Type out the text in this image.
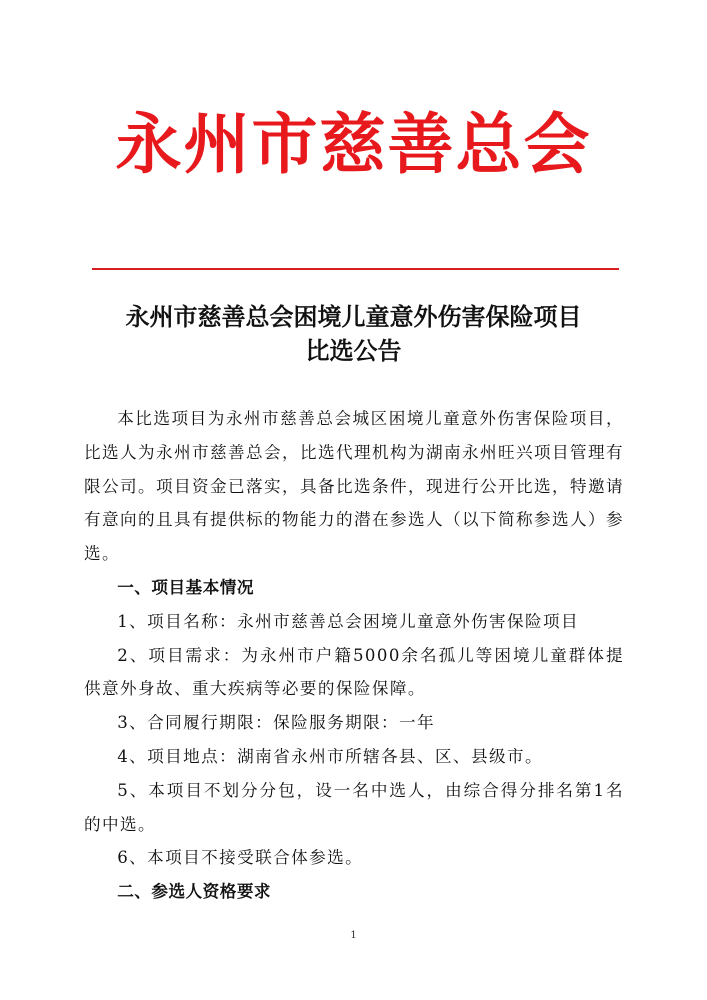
永州市慈善总会
永州市慈善总会困境儿童意外伤害保险项目
比选公告

本比选项目为永州市慈善总会城区困境儿童意外伤害保险项目，比选人为永州市慈善总会，比选代理机构为湖南永州旺兴项目管理有限公司。项目资金已落实，具备比选条件，现进行公开比选，特邀请有意向的且具有提供标的物能力的潜在参选人（以下简称参选人）参选。

一、项目基本情况

1、项目名称：永州市慈善总会困境儿童意外伤害保险项目

2、项目需求：为永州市户籍5000余名孤儿等困境儿童群体提供意外身故、重大疾病等必要的保险保障。

3、合同履行期限：保险服务期限：一年

4、项目地点：湖南省永州市所辖各县、区、县级市。

5、本项目不划分分包，设一名中选人，由综合得分排名第1名的中选。

6、本项目不接受联合体参选。

二、参选人资格要求

1
